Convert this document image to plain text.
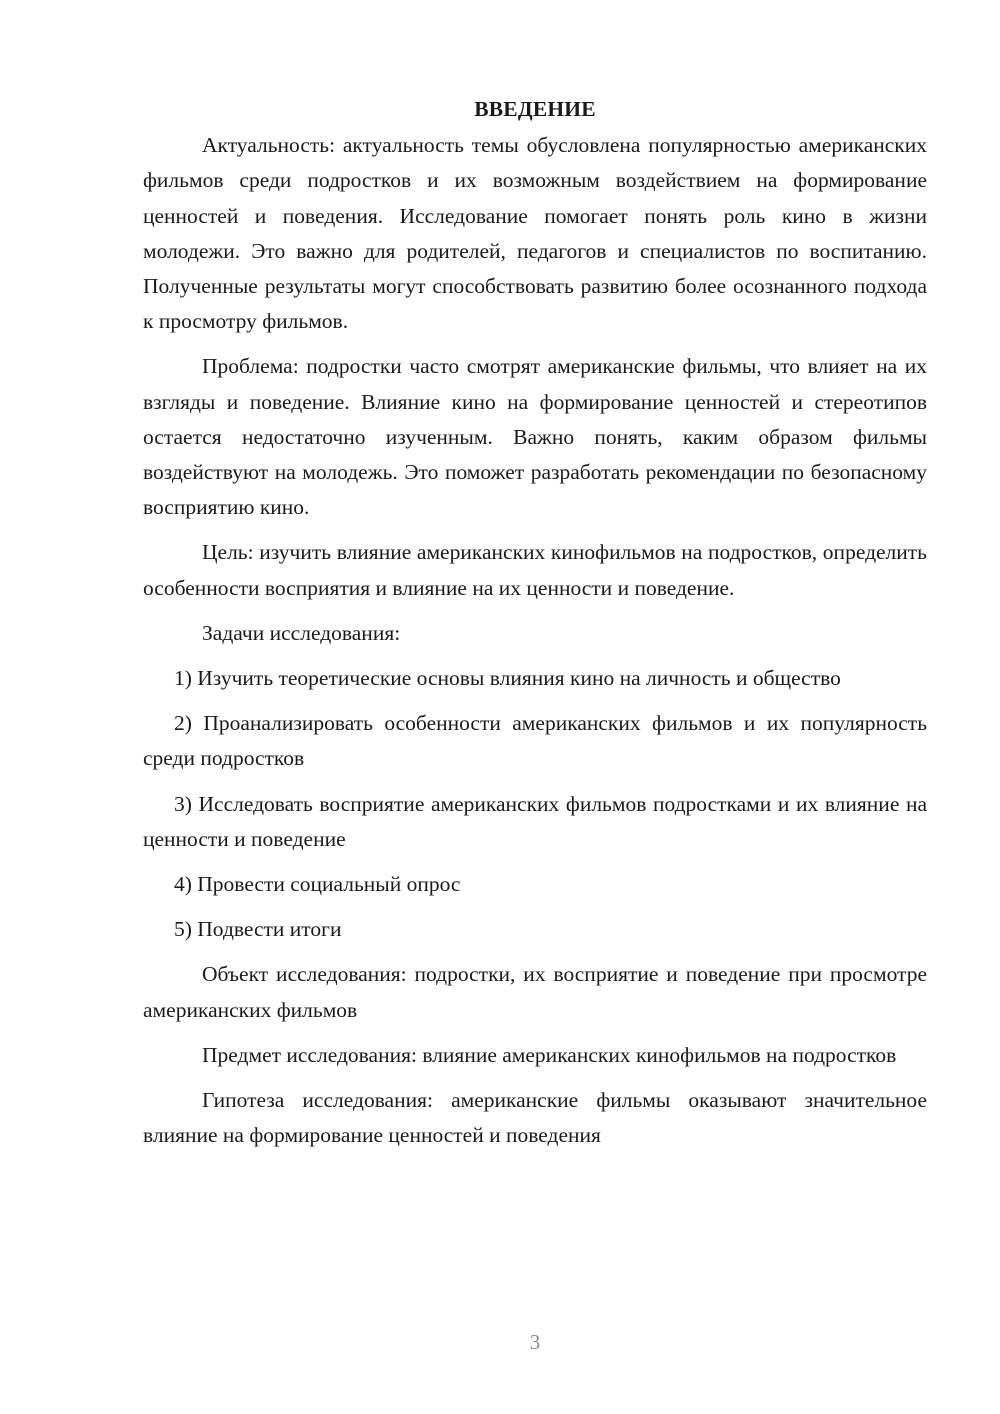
ВВЕДЕНИЕ

Актуальность: актуальность темы обусловлена популярностью американских фильмов среди подростков и их возможным воздействием на формирование ценностей и поведения. Исследование помогает понять роль кино в жизни молодежи. Это важно для родителей, педагогов и специалистов по воспитанию. Полученные результаты могут способствовать развитию более осознанного подхода к просмотру фильмов.

Проблема: подростки часто смотрят американские фильмы, что влияет на их взгляды и поведение. Влияние кино на формирование ценностей и стереотипов остается недостаточно изученным. Важно понять, каким образом фильмы воздействуют на молодежь. Это поможет разработать рекомендации по безопасному восприятию кино.

Цель: изучить влияние американских кинофильмов на подростков, определить особенности восприятия и влияние на их ценности и поведение.

Задачи исследования:

1) Изучить теоретические основы влияния кино на личность и общество

2) Проанализировать особенности американских фильмов и их популярность среди подростков

3) Исследовать восприятие американских фильмов подростками и их влияние на ценности и поведение

4) Провести социальный опрос

5) Подвести итоги

Объект исследования: подростки, их восприятие и поведение при просмотре американских фильмов

Предмет исследования: влияние американских кинофильмов на подростков

Гипотеза исследования: американские фильмы оказывают значительное влияние на формирование ценностей и поведения

3
